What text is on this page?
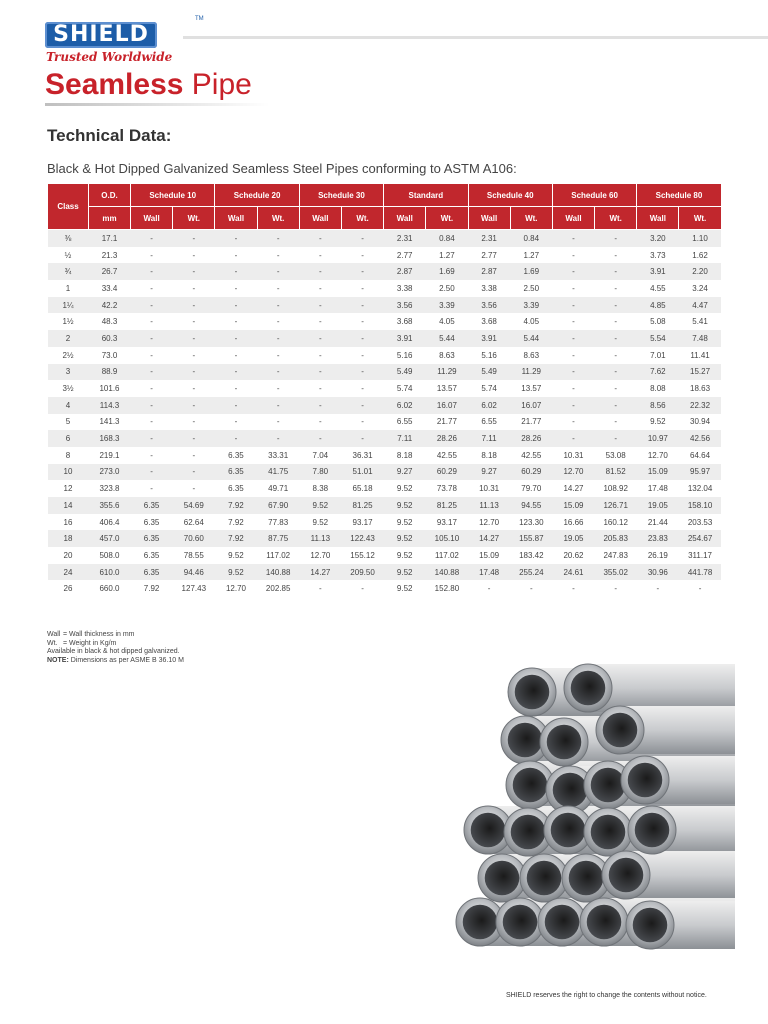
SHIELD
TM
Trusted Worldwide
Seamless Pipe
Technical Data:
Black & Hot Dipped Galvanized Seamless Steel Pipes conforming to ASTM A106:
Class	O.D.	Schedule 10		Schedule 20		Schedule 30		Standard		Schedule 40		Schedule 60		Schedule 80	
	mm	Wall	Wt.	Wall	Wt.	Wall	Wt.	Wall	Wt.	Wall	Wt.	Wall	Wt.	Wall	Wt.
⅜	17.1	-	-	-	-	-	-	2.31	0.84	2.31	0.84	-	-	3.20	1.10
½	21.3	-	-	-	-	-	-	2.77	1.27	2.77	1.27	-	-	3.73	1.62
¾	26.7	-	-	-	-	-	-	2.87	1.69	2.87	1.69	-	-	3.91	2.20
1	33.4	-	-	-	-	-	-	3.38	2.50	3.38	2.50	-	-	4.55	3.24
1¼	42.2	-	-	-	-	-	-	3.56	3.39	3.56	3.39	-	-	4.85	4.47
1½	48.3	-	-	-	-	-	-	3.68	4.05	3.68	4.05	-	-	5.08	5.41
2	60.3	-	-	-	-	-	-	3.91	5.44	3.91	5.44	-	-	5.54	7.48
2½	73.0	-	-	-	-	-	-	5.16	8.63	5.16	8.63	-	-	7.01	11.41
3	88.9	-	-	-	-	-	-	5.49	11.29	5.49	11.29	-	-	7.62	15.27
3½	101.6	-	-	-	-	-	-	5.74	13.57	5.74	13.57	-	-	8.08	18.63
4	114.3	-	-	-	-	-	-	6.02	16.07	6.02	16.07	-	-	8.56	22.32
5	141.3	-	-	-	-	-	-	6.55	21.77	6.55	21.77	-	-	9.52	30.94
6	168.3	-	-	-	-	-	-	7.11	28.26	7.11	28.26	-	-	10.97	42.56
8	219.1	-	-	6.35	33.31	7.04	36.31	8.18	42.55	8.18	42.55	10.31	53.08	12.70	64.64
10	273.0	-	-	6.35	41.75	7.80	51.01	9.27	60.29	9.27	60.29	12.70	81.52	15.09	95.97
12	323.8	-	-	6.35	49.71	8.38	65.18	9.52	73.78	10.31	79.70	14.27	108.92	17.48	132.04
14	355.6	6.35	54.69	7.92	67.90	9.52	81.25	9.52	81.25	11.13	94.55	15.09	126.71	19.05	158.10
16	406.4	6.35	62.64	7.92	77.83	9.52	93.17	9.52	93.17	12.70	123.30	16.66	160.12	21.44	203.53
18	457.0	6.35	70.60	7.92	87.75	11.13	122.43	9.52	105.10	14.27	155.87	19.05	205.83	23.83	254.67
20	508.0	6.35	78.55	9.52	117.02	12.70	155.12	9.52	117.02	15.09	183.42	20.62	247.83	26.19	311.17
24	610.0	6.35	94.46	9.52	140.88	14.27	209.50	9.52	140.88	17.48	255.24	24.61	355.02	30.96	441.78
26	660.0	7.92	127.43	12.70	202.85	-	-	9.52	152.80	-	-	-	-	-	-
Wall = Wall thickness in mm
Wt. = Weight in Kg/m
Available in black & hot dipped galvanized.
NOTE: Dimensions as per ASME B 36.10 M
SHIELD reserves the right to change the contents without notice.
